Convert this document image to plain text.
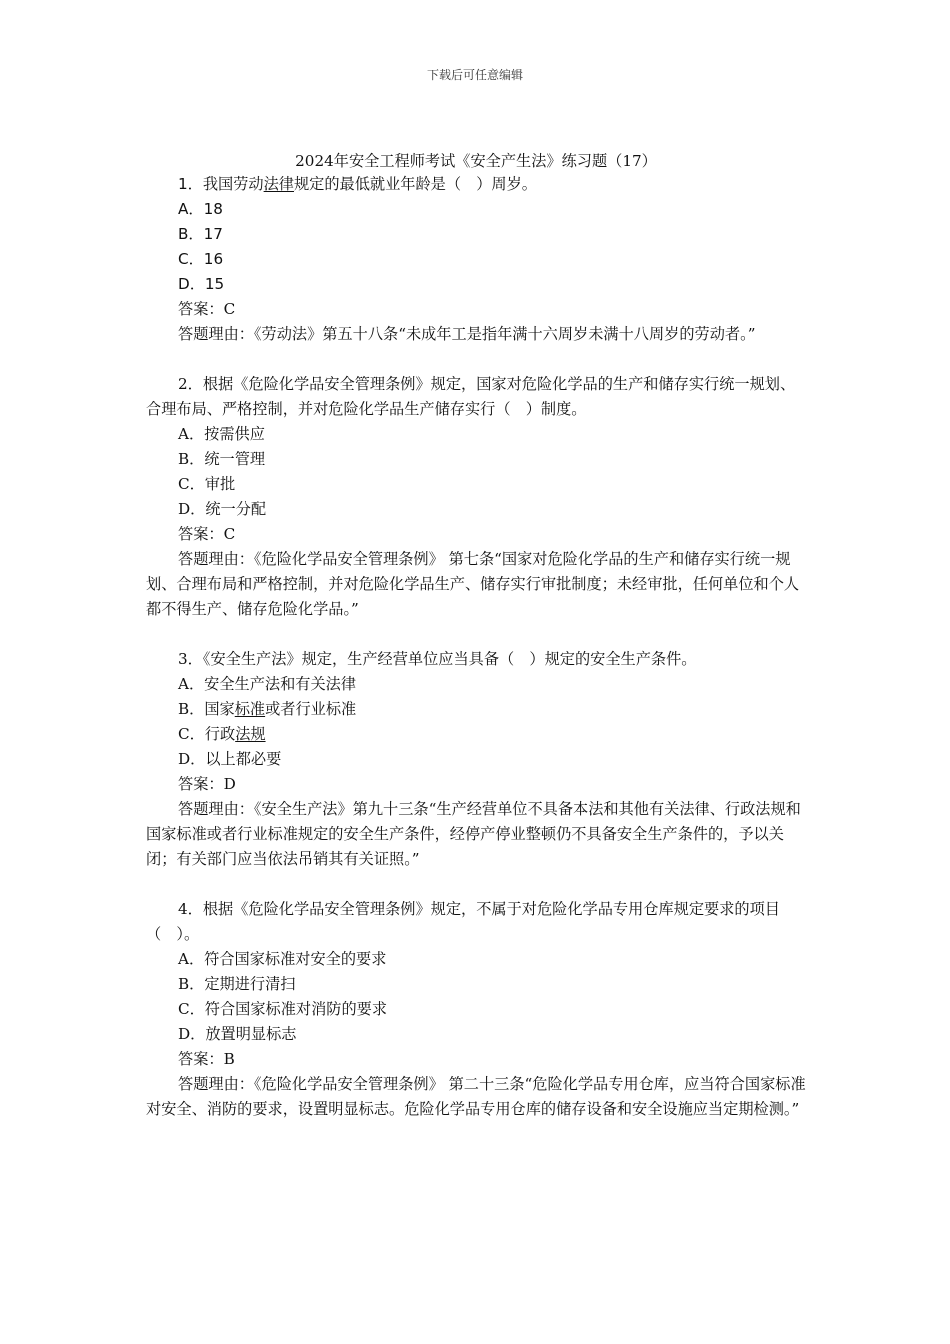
下载后可任意编辑
2024年安全工程师考试《安全产生法》练习题（17）

1．我国劳动法律规定的最低就业年龄是（　）周岁。

A．18

B．17

C．16

D．15

答案：C

答题理由：《劳动法》第五十八条“未成年工是指年满十六周岁未满十八周岁的劳动者。”

2．根据《危险化学品安全管理条例》规定，国家对危险化学品的生产和储存实行统一规划、合理布局、严格控制，并对危险化学品生产储存实行（　）制度。

A．按需供应

B．统一管理

C．审批

D．统一分配

答案：C

答题理由：《危险化学品安全管理条例》 第七条“国家对危险化学品的生产和储存实行统一规划、合理布局和严格控制，并对危险化学品生产、储存实行审批制度；未经审批，任何单位和个人都不得生产、储存危险化学品。”

3．《安全生产法》规定，生产经营单位应当具备（　）规定的安全生产条件。

A．安全生产法和有关法律

B．国家标准或者行业标准

C．行政法规

D．以上都必要

答案：D

答题理由：《安全生产法》第九十三条“生产经营单位不具备本法和其他有关法律、行政法规和国家标准或者行业标准规定的安全生产条件，经停产停业整顿仍不具备安全生产条件的，予以关闭；有关部门应当依法吊销其有关证照。”

4．根据《危险化学品安全管理条例》规定，不属于对危险化学品专用仓库规定要求的项目（　）。

A．符合国家标准对安全的要求

B．定期进行清扫

C．符合国家标准对消防的要求

D．放置明显标志

答案：B

答题理由：《危险化学品安全管理条例》 第二十三条“危险化学品专用仓库，应当符合国家标准对安全、消防的要求，设置明显标志。危险化学品专用仓库的储存设备和安全设施应当定期检测。”
